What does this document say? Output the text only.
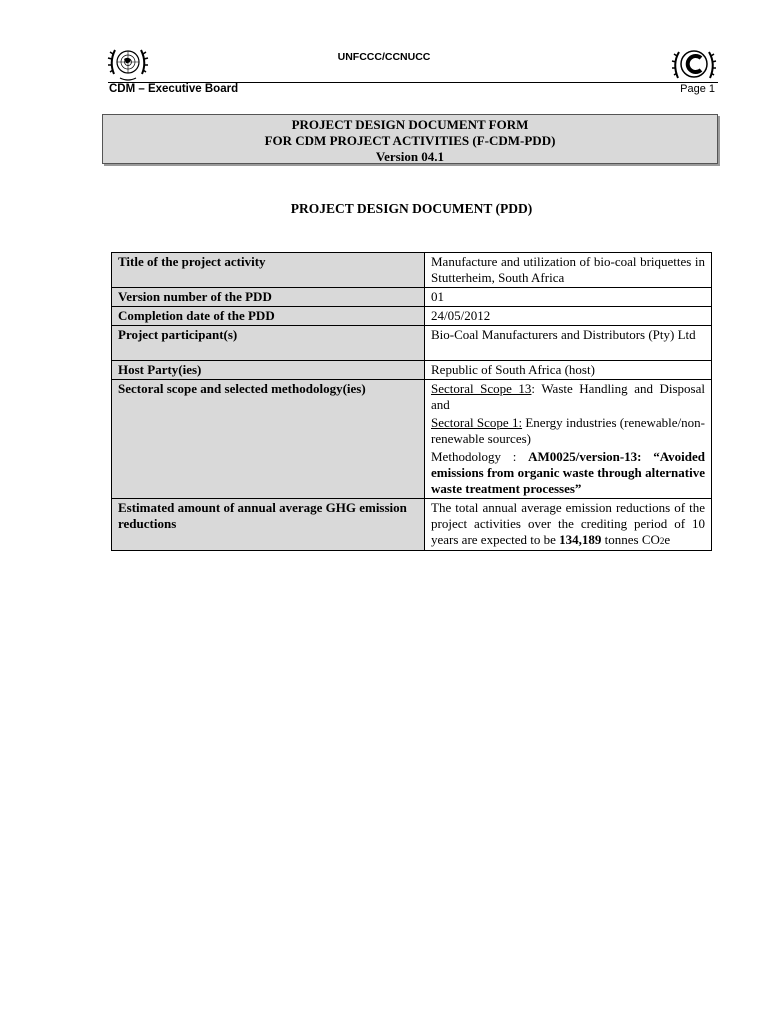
UNFCCC/CCNUCC
CDM – Executive Board	Page 1
PROJECT DESIGN DOCUMENT FORM
FOR CDM PROJECT ACTIVITIES (F-CDM-PDD)
Version 04.1
PROJECT DESIGN DOCUMENT (PDD)
Title of the project activity	Manufacture and utilization of bio-coal briquettes in Stutterheim, South Africa
Version number of the PDD	01
Completion date of the PDD	24/05/2012

Project participant(s)	Bio-Coal Manufacturers and Distributors (Pty) Ltd
Host Party(ies)	Republic of South Africa (host)
Sectoral scope and selected methodology(ies)	Sectoral Scope 13: Waste Handling and Disposal and
Sectoral Scope 1: Energy industries (renewable/non-renewable sources)
Methodology : AM0025/version-13: “Avoided emissions from organic waste through alternative waste treatment processes”

Estimated amount of annual average GHG emission reductions	The total annual average emission reductions of the project activities over the crediting period of 10 years are expected to be 134,189 tonnes CO2e
